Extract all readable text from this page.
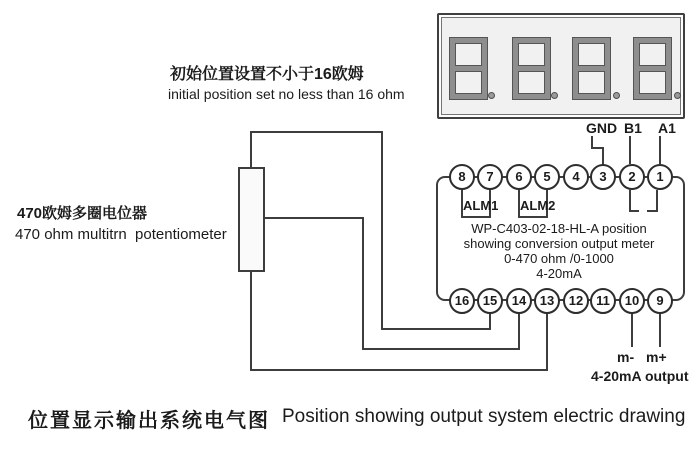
GND B1 A1
初始位置设置不小于16欧姆
initial position set no less than 16 ohm
470欧姆多圈电位器
470 ohm multitrn  potentiometer
ALM1 ALM2
8	7	6	5	4	3	2	1
16	15	14	13	12 11	10	9
WP-C403-02-18-HL-A position
showing conversion output meter
0-470 ohm /0-1000
4-20mA
m- m+
4-20mA output
位置显示输出系统电气图 Position showing output system electric drawing
